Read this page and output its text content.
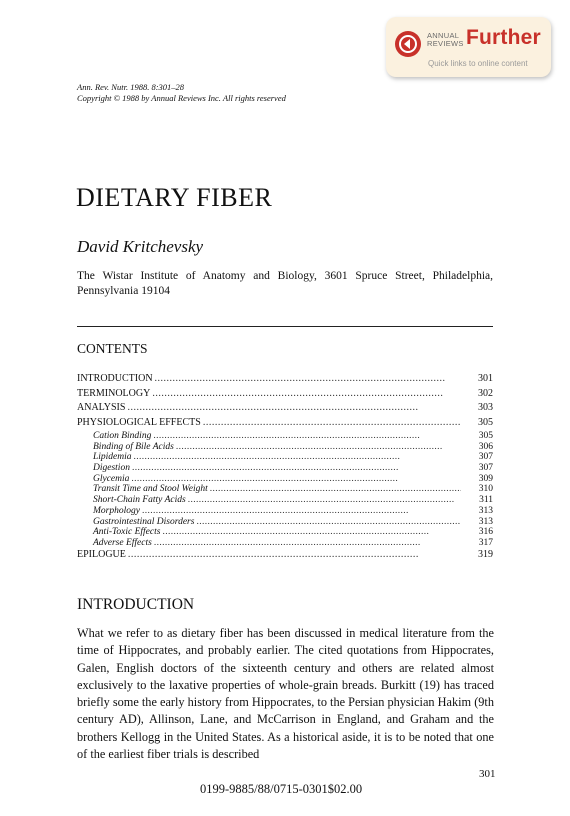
ANNUAL
REVIEWS Further
Quick links to online content
Ann. Rev. Nutr. 1988. 8:301–28
Copyright © 1988 by Annual Reviews Inc. All rights reserved
DIETARY FIBER
David Kritchevsky
The Wistar Institute of Anatomy and Biology, 3601 Spruce Street, Philadelphia, Pennsylvania 19104
CONTENTS
INTRODUCTION . . .	301
TERMINOLOGY . . .	302
ANALYSIS . . .	303
PHYSIOLOGICAL EFFECTS . . .	305
Cation Binding . . .	305
Binding of Bile Acids . . .	306
Lipidemia . . .	307
Digestion . . .	307
Glycemia . . .	309
Transit Time and Stool Weight . . .	310
Short-Chain Fatty Acids . . .	311
Morphology . . .	313
Gastrointestinal Disorders . . .	313
Anti-Toxic Effects . . .	316
Adverse Effects . . .	317
EPILOGUE . . .	319
INTRODUCTION
What we refer to as dietary fiber has been discussed in medical literature from the time of Hippocrates, and probably earlier. The cited quotations from Hippocrates, Galen, English doctors of the sixteenth century and others are related almost exclusively to the laxative properties of whole-grain breads. Burkitt (19) has traced briefly some the early history from Hippocrates, to the Persian physician Hakim (9th century AD), Allinson, Lane, and McCarrison in England, and Graham and the brothers Kellogg in the United States. As a historical aside, it is to be noted that one of the earliest fiber trials is described
301
0199-9885/88/0715-0301$02.00
